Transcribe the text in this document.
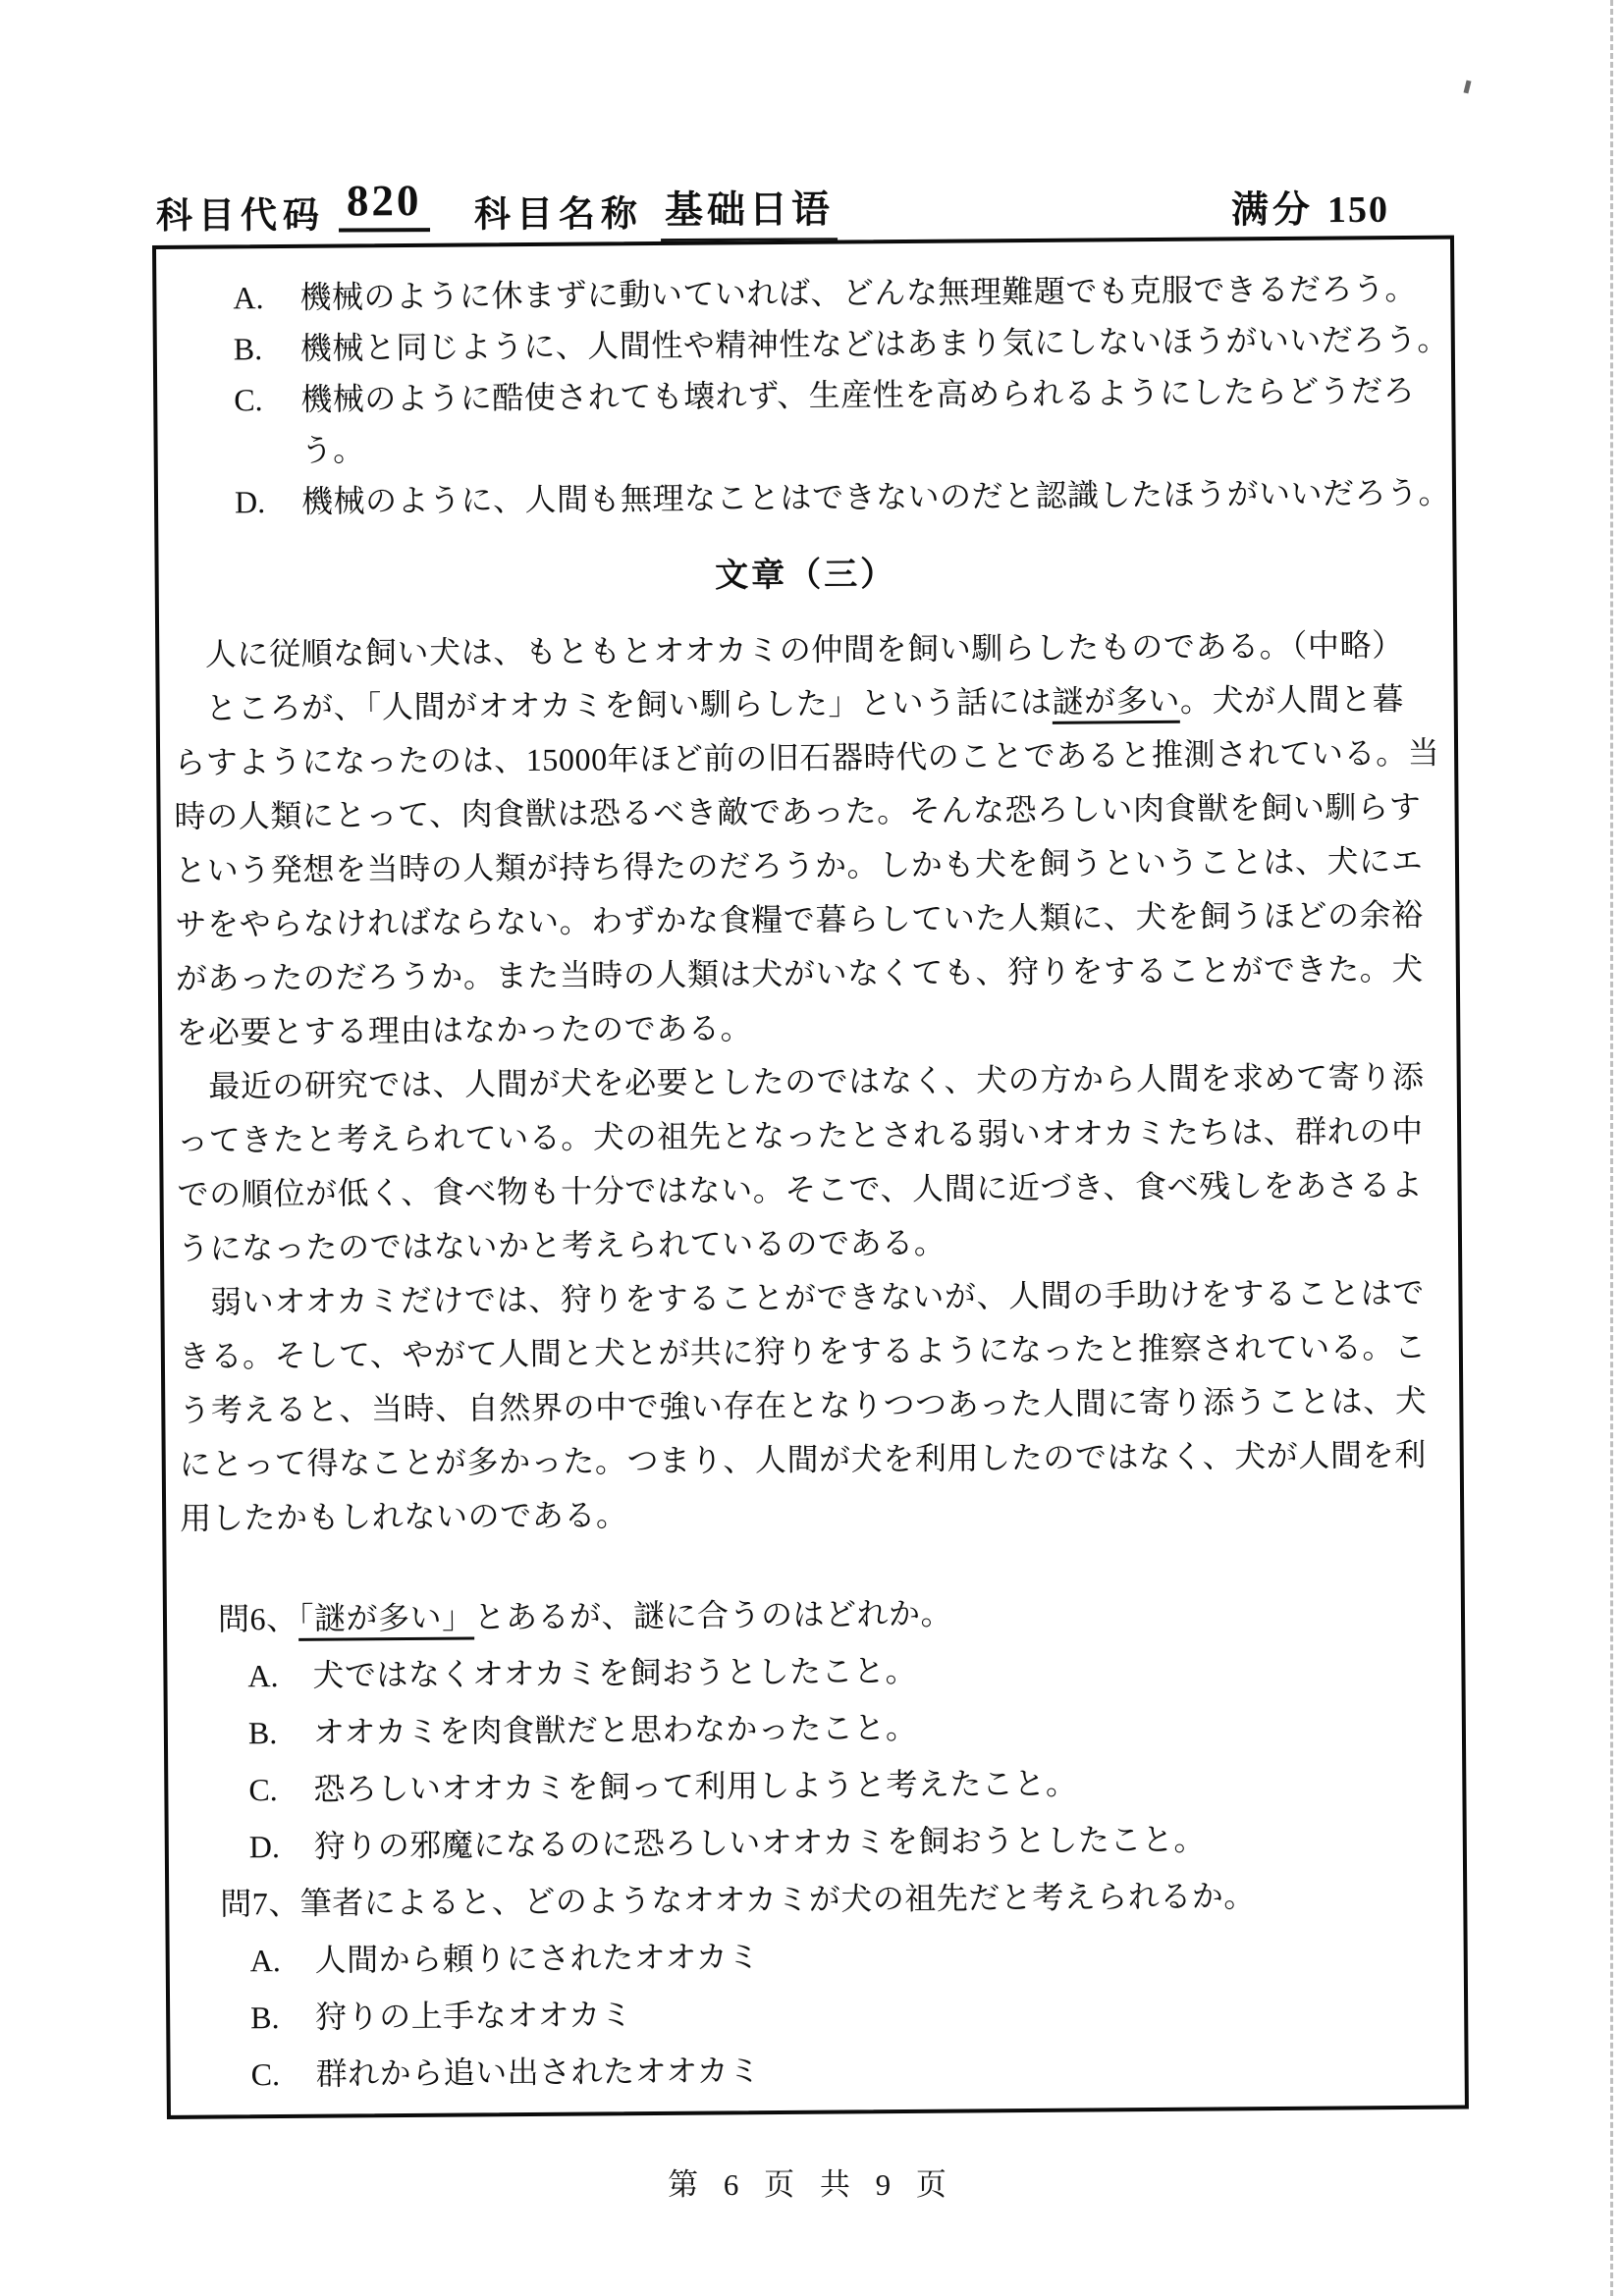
科目代码 820 科目名称 基础日语	满分 150
A.	機械のように休まずに動いていれば、どんな無理難題でも克服できるだろう。
B.	機械と同じように、人間性や精神性などはあまり気にしないほうがいいだろう。
C.	機械のように酷使されても壊れず、生産性を高められるようにしたらどうだろ
う。
D.	機械のように、人間も無理なことはできないのだと認識したほうがいいだろう。
文章（三）
　人に従順な飼い犬は、もともとオオカミの仲間を飼い馴らしたものである。（中略）
　ところが、「人間がオオカミを飼い馴らした」という話には謎が多い。犬が人間と暮
らすようになったのは、15000年ほど前の旧石器時代のことであると推測されている。当
時の人類にとって、肉食獣は恐るべき敵であった。そんな恐ろしい肉食獣を飼い馴らす
という発想を当時の人類が持ち得たのだろうか。しかも犬を飼うということは、犬にエ
サをやらなければならない。わずかな食糧で暮らしていた人類に、犬を飼うほどの余裕
があったのだろうか。また当時の人類は犬がいなくても、狩りをすることができた。犬
を必要とする理由はなかったのである。
　最近の研究では、人間が犬を必要としたのではなく、犬の方から人間を求めて寄り添
ってきたと考えられている。犬の祖先となったとされる弱いオオカミたちは、群れの中
での順位が低く、食べ物も十分ではない。そこで、人間に近づき、食べ残しをあさるよ
うになったのではないかと考えられているのである。
　弱いオオカミだけでは、狩りをすることができないが、人間の手助けをすることはで
きる。そして、やがて人間と犬とが共に狩りをするようになったと推察されている。こ
う考えると、当時、自然界の中で強い存在となりつつあった人間に寄り添うことは、犬
にとって得なことが多かった。つまり、人間が犬を利用したのではなく、犬が人間を利
用したかもしれないのである。
問6、「謎が多い」とあるが、謎に合うのはどれか。
A.	犬ではなくオオカミを飼おうとしたこと。
B.	オオカミを肉食獣だと思わなかったこと。
C.	恐ろしいオオカミを飼って利用しようと考えたこと。
D.	狩りの邪魔になるのに恐ろしいオオカミを飼おうとしたこと。
問7、筆者によると、どのようなオオカミが犬の祖先だと考えられるか。
A.	人間から頼りにされたオオカミ
B.	狩りの上手なオオカミ
C.	群れから追い出されたオオカミ
第 6 页 共 9 页
